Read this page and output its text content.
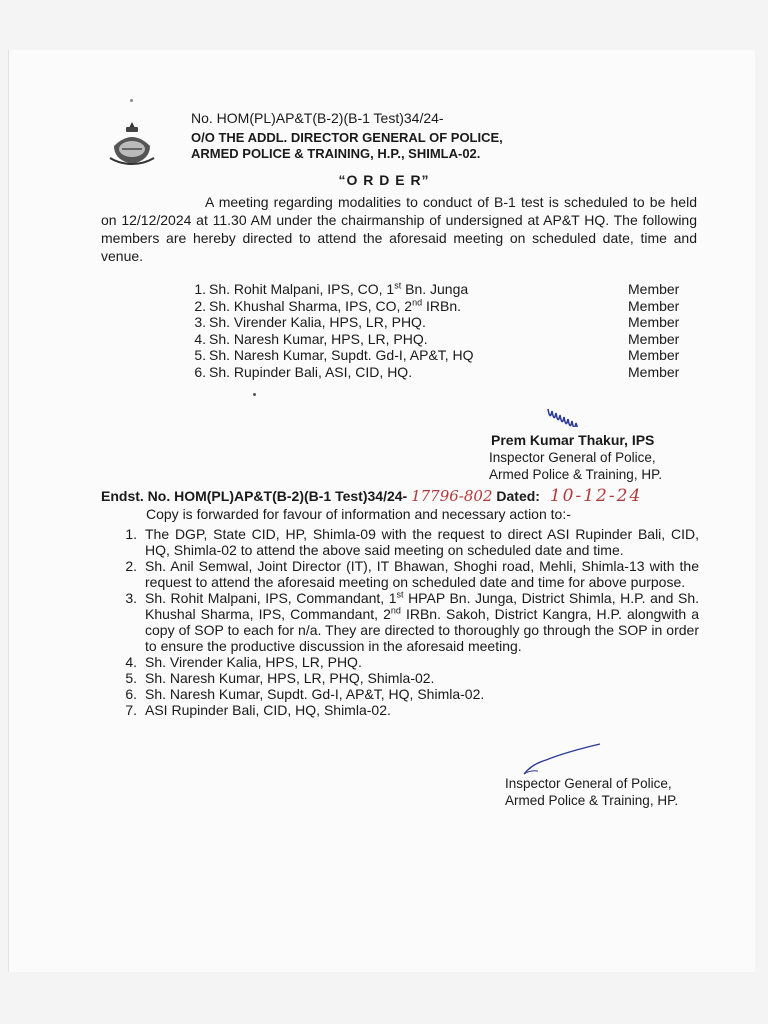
No. HOM(PL)AP&T(B-2)(B-1 Test)34/24-
O/O THE ADDL. DIRECTOR GENERAL OF POLICE,
ARMED POLICE & TRAINING, H.P., SHIMLA-02.
“O R D E R”
A meeting regarding modalities to conduct of B-1 test is scheduled to be held on 12/12/2024 at 11.30 AM under the chairmanship of undersigned at AP&T HQ. The following members are hereby directed to attend the aforesaid meeting on scheduled date, time and venue.
1. Sh. Rohit Malpani, IPS, CO, 1st Bn. Junga	Member
2. Sh. Khushal Sharma, IPS, CO, 2nd IRBn.	Member
3. Sh. Virender Kalia, HPS, LR, PHQ.	Member
4. Sh. Naresh Kumar, HPS, LR, PHQ.	Member
5. Sh. Naresh Kumar, Supdt. Gd-I, AP&T, HQ	Member
6. Sh. Rupinder Bali, ASI, CID, HQ.	Member
Prem Kumar Thakur, IPS
Inspector General of Police,
Armed Police & Training, HP.
Endst. No. HOM(PL)AP&T(B-2)(B-1 Test)34/24- 17796-802 Dated: 10-12-24
Copy is forwarded for favour of information and necessary action to:-
1. The DGP, State CID, HP, Shimla-09 with the request to direct ASI Rupinder Bali, CID, HQ, Shimla-02 to attend the above said meeting on scheduled date and time.
2. Sh. Anil Semwal, Joint Director (IT), IT Bhawan, Shoghi road, Mehli, Shimla-13 with the request to attend the aforesaid meeting on scheduled date and time for above purpose.
3. Sh. Rohit Malpani, IPS, Commandant, 1st HPAP Bn. Junga, District Shimla, H.P. and Sh. Khushal Sharma, IPS, Commandant, 2nd IRBn. Sakoh, District Kangra, H.P. alongwith a copy of SOP to each for n/a. They are directed to thoroughly go through the SOP in order to ensure the productive discussion in the aforesaid meeting.
4. Sh. Virender Kalia, HPS, LR, PHQ.
5. Sh. Naresh Kumar, HPS, LR, PHQ, Shimla-02.
6. Sh. Naresh Kumar, Supdt. Gd-I, AP&T, HQ, Shimla-02.
7. ASI Rupinder Bali, CID, HQ, Shimla-02.
Inspector General of Police,
Armed Police & Training, HP.
